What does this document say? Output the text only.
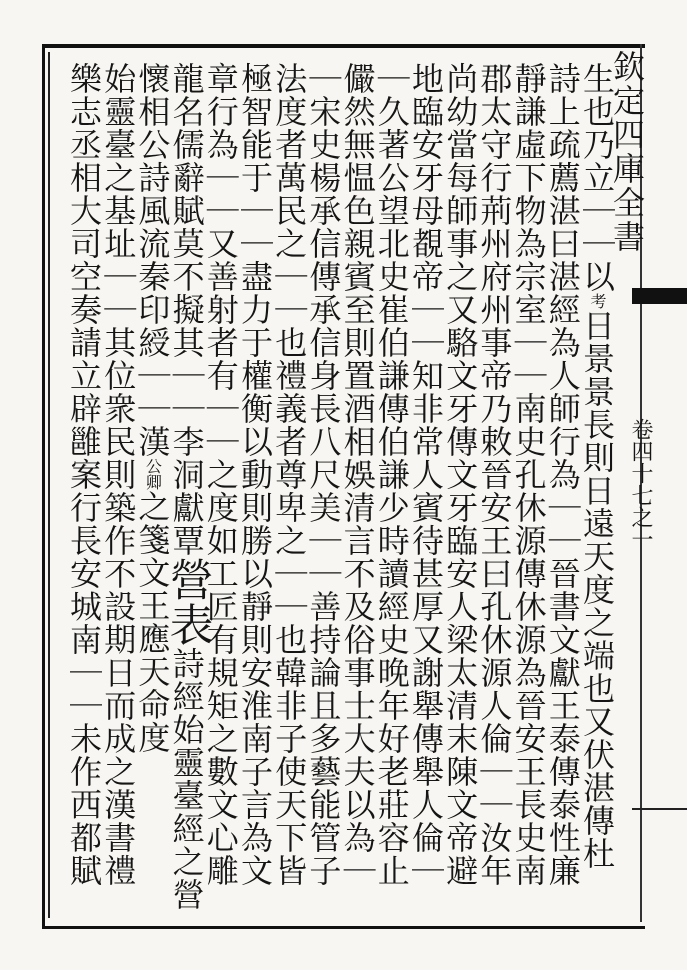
欽定四庫全書
卷四十七之一
生也乃立｜｜以考日景景長則日遠天度之端也又伏湛傳杜
詩上疏薦湛曰湛經為人師行為｜｜晉書文獻王泰傳泰性廉
靜謙虛下物為宗室｜｜南史孔休源傳休源為晉安王長史南
郡太守行荊州府州事帝乃敕晉安王曰孔休源人倫｜｜汝年
尚幼當每師事之又駱文牙傳文牙臨安人梁太清末陳文帝避
地臨安牙母覩帝｜｜知非常人賓待甚厚又謝舉傳舉人倫｜
｜久著公望北史崔伯謙傳伯謙少時讀經史晚年好老莊容止
儼然無愠色親賓至則置酒相娛清言不及俗事士大夫以為｜
｜宋史楊承信傳承信身長八尺美｜｜善持論且多藝能管子
法度者萬民之｜｜也禮義者尊卑之｜｜也韓非子使天下皆
極智能于｜｜盡力于權衡以動則勝以靜則安淮南子言為文
章行為｜｜又善射者有｜｜之度如工匠有規矩之數文心雕
龍名儒辭賦莫不擬其｜｜李洞獻覃營表詩經始靈臺經之營
懷相公詩風流秦印綬｜｜漢公卿之箋文王應天命度
始靈臺之基址｜｜其位衆民則築作不設期日而成之漢書禮
樂志丞相大司空奏請立辟雝案行長安城南｜｜未作西都賦
